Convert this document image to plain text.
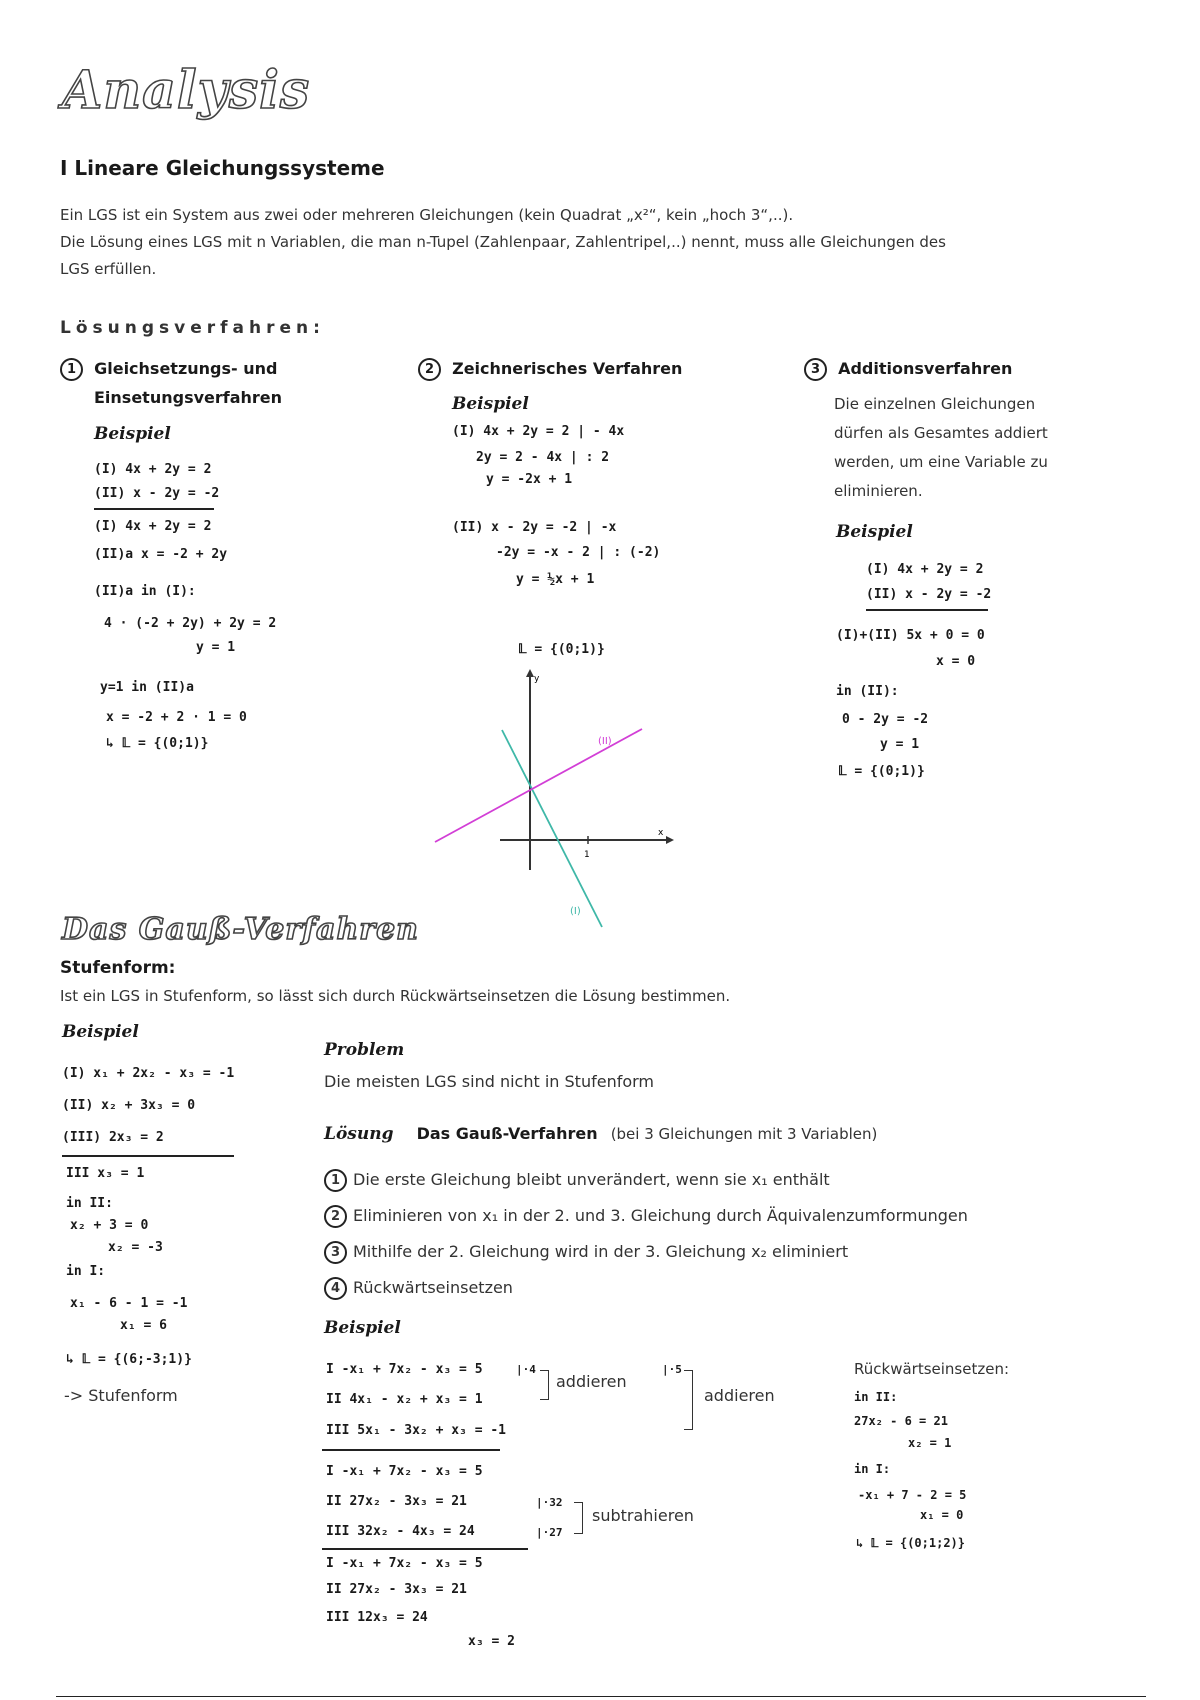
Analysis
I Lineare Gleichungssysteme
Ein LGS ist ein System aus zwei oder mehreren Gleichungen (kein Quadrat „x²“, kein „hoch 3“,..).
Die Lösung eines LGS mit n Variablen, die man n-Tupel (Zahlenpaar, Zahlentripel,..) nennt, muss alle Gleichungen des
LGS erfüllen.
Lösungsverfahren:
1 Gleichsetzungs- und
Einsetungsverfahren
Beispiel
(I) 4x + 2y = 2
(II) x - 2y = -2
(I) 4x + 2y = 2
(II)a x = -2 + 2y
(II)a in (I):
4 · (-2 + 2y) + 2y = 2
y = 1
y=1 in (II)a
x = -2 + 2 · 1 = 0
↳ 𝕃 = {(0;1)}
2 Zeichnerisches Verfahren
Beispiel
(I) 4x + 2y = 2 | - 4x
2y = 2 - 4x | : 2
y = -2x + 1
(II) x - 2y = -2 | -x
-2y = -x - 2 | : (-2)
y = ½x + 1
𝕃 = {(0;1)}
1
y
x
(I)
(II)
3 Additionsverfahren
Die einzelnen Gleichungen
dürfen als Gesamtes addiert
werden, um eine Variable zu
eliminieren.
Beispiel
(I) 4x + 2y = 2
(II) x - 2y = -2
(I)+(II) 5x + 0 = 0
x = 0
in (II):
0 - 2y = -2
y = 1
𝕃 = {(0;1)}
Das Gauß-Verfahren
Stufenform:
Ist ein LGS in Stufenform, so lässt sich durch Rückwärtseinsetzen die Lösung bestimmen.
Beispiel
(I) x₁ + 2x₂ - x₃ = -1
(II) x₂ + 3x₃ = 0
(III) 2x₃ = 2
III x₃ = 1
in II:
x₂ + 3 = 0
x₂ = -3
in I:
x₁ - 6 - 1 = -1
x₁ = 6
↳ 𝕃 = {(6;-3;1)}
-> Stufenform
Problem
Die meisten LGS sind nicht in Stufenform
Lösung Das Gauß-Verfahren (bei 3 Gleichungen mit 3 Variablen)
1 Die erste Gleichung bleibt unverändert, wenn sie x₁ enthält
2 Eliminieren von x₁ in der 2. und 3. Gleichung durch Äquivalenzumformungen
3 Mithilfe der 2. Gleichung wird in der 3. Gleichung x₂ eliminiert
4 Rückwärtseinsetzen
Beispiel
I -x₁ + 7x₂ - x₃ = 5
II 4x₁ - x₂ + x₃ = 1
III 5x₁ - 3x₂ + x₃ = -1
|·4
addieren
|·5
addieren
I -x₁ + 7x₂ - x₃ = 5
II 27x₂ - 3x₃ = 21
III 32x₂ - 4x₃ = 24
|·32
|·27
subtrahieren
I -x₁ + 7x₂ - x₃ = 5
II 27x₂ - 3x₃ = 21
III 12x₃ = 24
x₃ = 2
Rückwärtseinsetzen:
in II:
27x₂ - 6 = 21
x₂ = 1
in I:
-x₁ + 7 - 2 = 5
x₁ = 0
↳ 𝕃 = {(0;1;2)}
